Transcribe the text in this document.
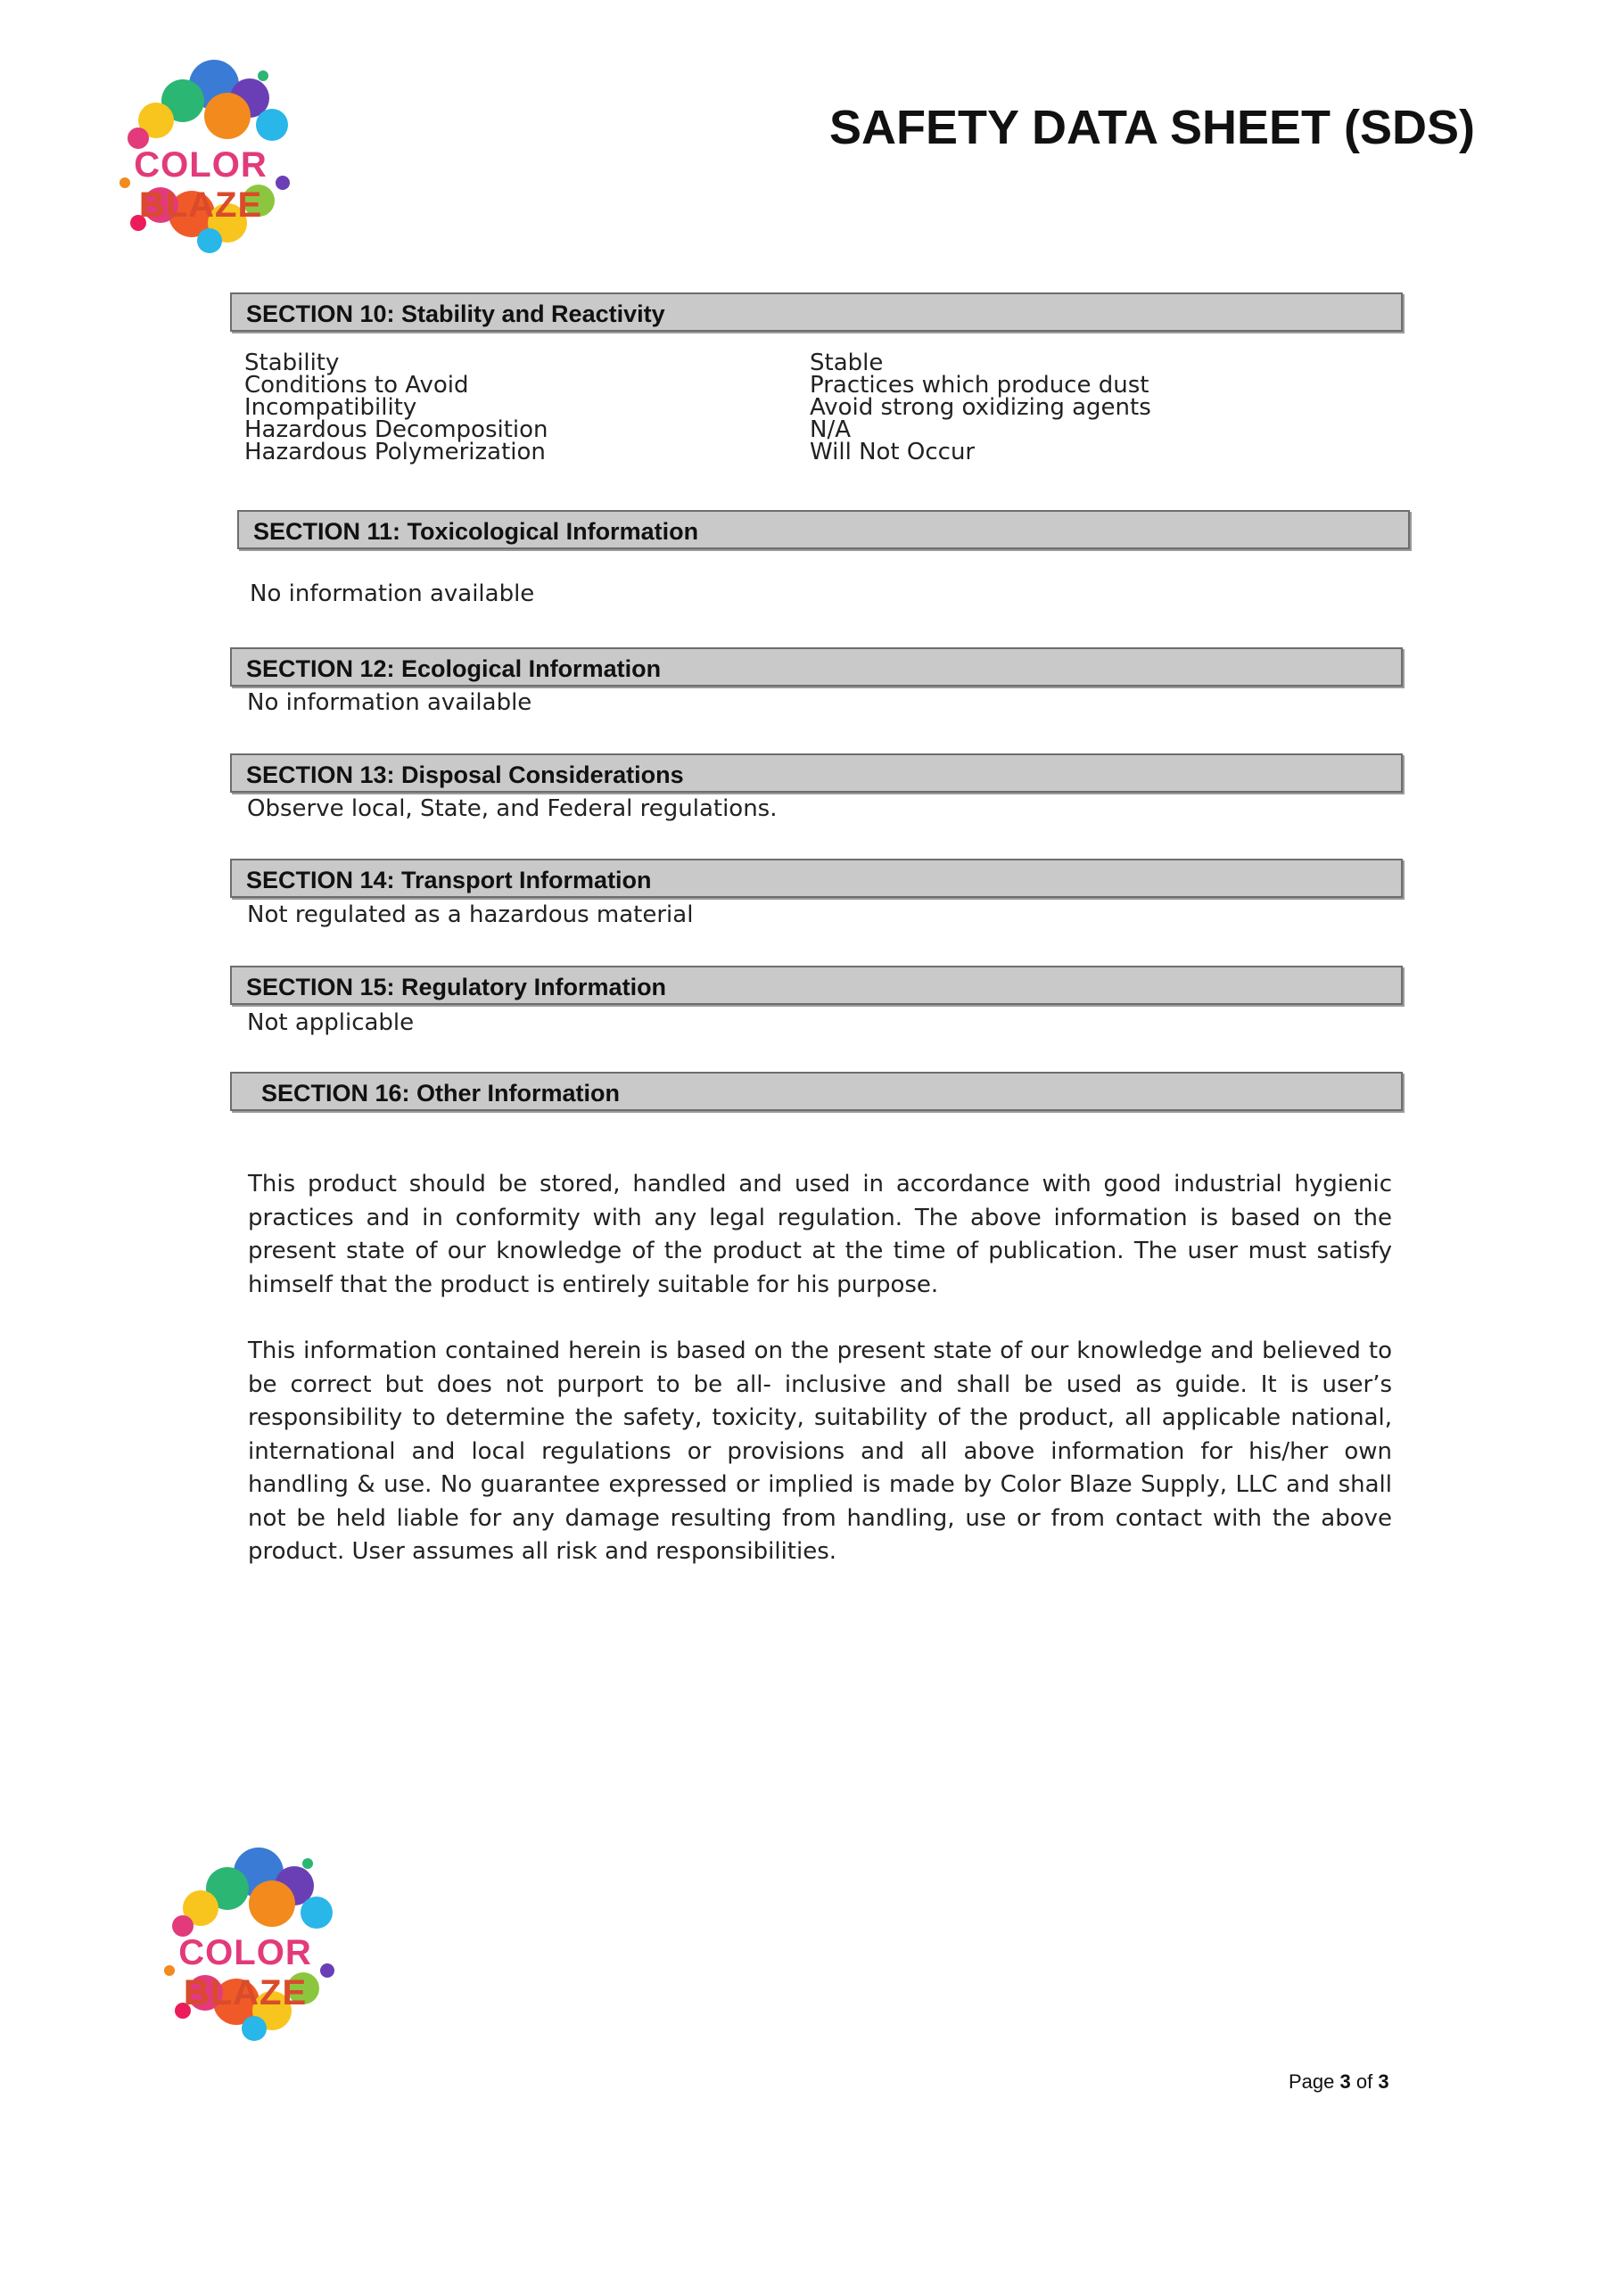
COLOR BLAZE
SAFETY DATA SHEET (SDS)
SECTION 10: Stability and Reactivity
Stability
Conditions to Avoid
Incompatibility
Hazardous Decomposition
Hazardous Polymerization
Stable
Practices which produce dust
Avoid strong oxidizing agents
N/A
Will Not Occur
SECTION 11: Toxicological Information
No information available
SECTION 12: Ecological Information
No information available
SECTION 13: Disposal Considerations
Observe local, State, and Federal regulations.
SECTION 14: Transport Information
Not regulated as a hazardous material
SECTION 15: Regulatory Information
Not applicable
SECTION 16: Other Information
This product should be stored, handled and used in accordance with good industrial hygienic practices and in conformity with any legal regulation. The above information is based on the present state of our knowledge of the product at the time of publication. The user must satisfy himself that the product is entirely suitable for his purpose.
This information contained herein is based on the present state of our knowledge and believed to be correct but does not purport to be all- inclusive and shall be used as guide. It is user’s responsibility to determine the safety, toxicity, suitability of the product, all applicable national, international and local regulations or provisions and all above information for his/her own handling & use. No guarantee expressed or implied is made by Color Blaze Supply, LLC and shall not be held liable for any damage resulting from handling, use or from contact with the above product. User assumes all risk and responsibilities.
COLOR BLAZE
Page 3 of 3
